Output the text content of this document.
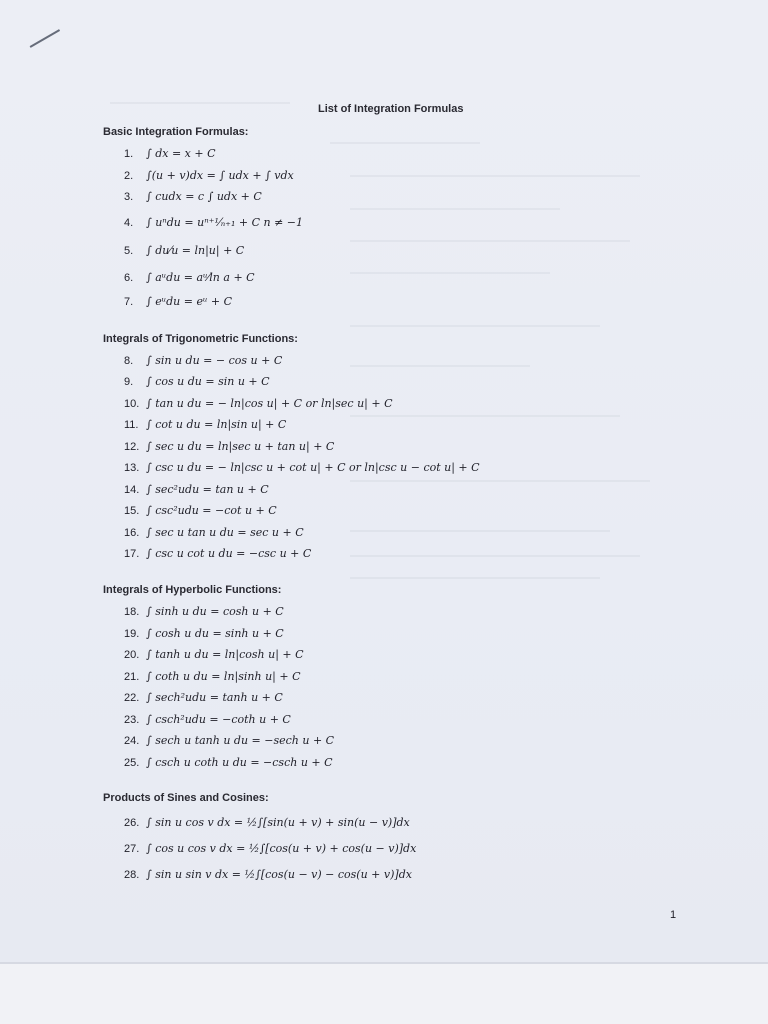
List of Integration Formulas
Basic Integration Formulas:
1. ∫ dx = x + C
2. ∫(u + v)dx = ∫ udx + ∫ vdx
3. ∫ cudx = c ∫ udx + C
4. ∫ uⁿdu = uⁿ⁺¹⁄ₙ₊₁ + C n ≠ −1
5. ∫ du⁄u = ln|u| + C
6. ∫ aᵘdu = aᵘ⁄ln a + C
7. ∫ eᵘdu = eᵘ + C
Integrals of Trigonometric Functions:
8. ∫ sin u du = − cos u + C
9. ∫ cos u du = sin u + C
10. ∫ tan u du = − ln|cos u| + C or ln|sec u| + C
11. ∫ cot u du = ln|sin u| + C
12. ∫ sec u du = ln|sec u + tan u| + C
13. ∫ csc u du = − ln|csc u + cot u| + C or ln|csc u − cot u| + C
14. ∫ sec²udu = tan u + C
15. ∫ csc²udu = −cot u + C
16. ∫ sec u tan u du = sec u + C
17. ∫ csc u cot u du = −csc u + C
Integrals of Hyperbolic Functions:
18. ∫ sinh u du = cosh u + C
19. ∫ cosh u du = sinh u + C
20. ∫ tanh u du = ln|cosh u| + C
21. ∫ coth u du = ln|sinh u| + C
22. ∫ sech²udu = tanh u + C
23. ∫ csch²udu = −coth u + C
24. ∫ sech u tanh u du = −sech u + C
25. ∫ csch u coth u du = −csch u + C
Products of Sines and Cosines:
26. ∫ sin u cos v dx = ½∫[sin(u + v) + sin(u − v)]dx
27. ∫ cos u cos v dx = ½∫[cos(u + v) + cos(u − v)]dx
28. ∫ sin u sin v dx = ½∫[cos(u − v) − cos(u + v)]dx
1
